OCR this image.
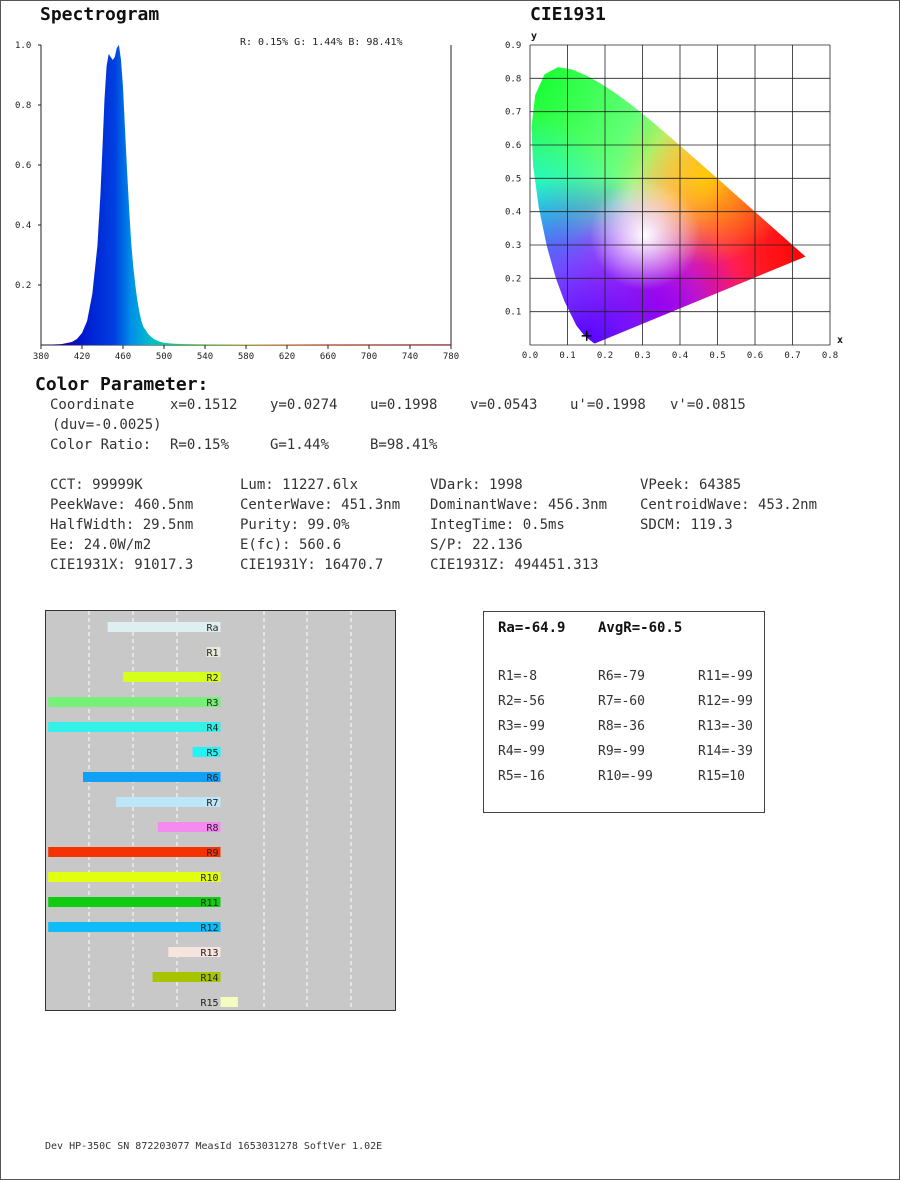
Spectrogram	CIE1931
380	420	460	500	540	580	620	660	700	740	780
0.2
0.4
0.6
0.8
1.0	R: 0.15% G: 1.44% B: 98.41%
0.0 0.1 0.2 0.3 0.4 0.5 0.6 0.7 0.8
0.1
0.2
0.3
0.4
0.5
0.6
0.7
0.8
0.9
x
y
Color Parameter:
Coordinate	x=0.1512 y=0.0274 u=0.1998 v=0.0543 u'=0.1998 v'=0.0815
(duv=-0.0025)
Color Ratio: R=0.15%	G=1.44%	B=98.41%
CCT: 99999K	Lum: 11227.6lx	VDark: 1998	VPeek: 64385
PeekWave: 460.5nm	CenterWave: 451.3nm DominantWave: 456.3nm CentroidWave: 453.2nm
HalfWidth: 29.5nm	Purity: 99.0%	IntegTime: 0.5ms	SDCM: 119.3
Ee: 24.0W/m2	E(fc): 560.6	S/P: 22.136
CIE1931X: 91017.3	CIE1931Y: 16470.7	CIE1931Z: 494451.313
Ra
R1
R2
R3
R4
R5
R6
R7
R8
R9
R10
R11
R12
R13
R14
R15
Ra=-64.9 AvgR=-60.5
R1=-8	R6=-79	R11=-99
R2=-56	R7=-60	R12=-99
R3=-99	R8=-36	R13=-30
R4=-99	R9=-99	R14=-39
R5=-16	R10=-99	R15=10
Dev HP-350C SN 872203077 MeasId 1653031278 SoftVer 1.02E
